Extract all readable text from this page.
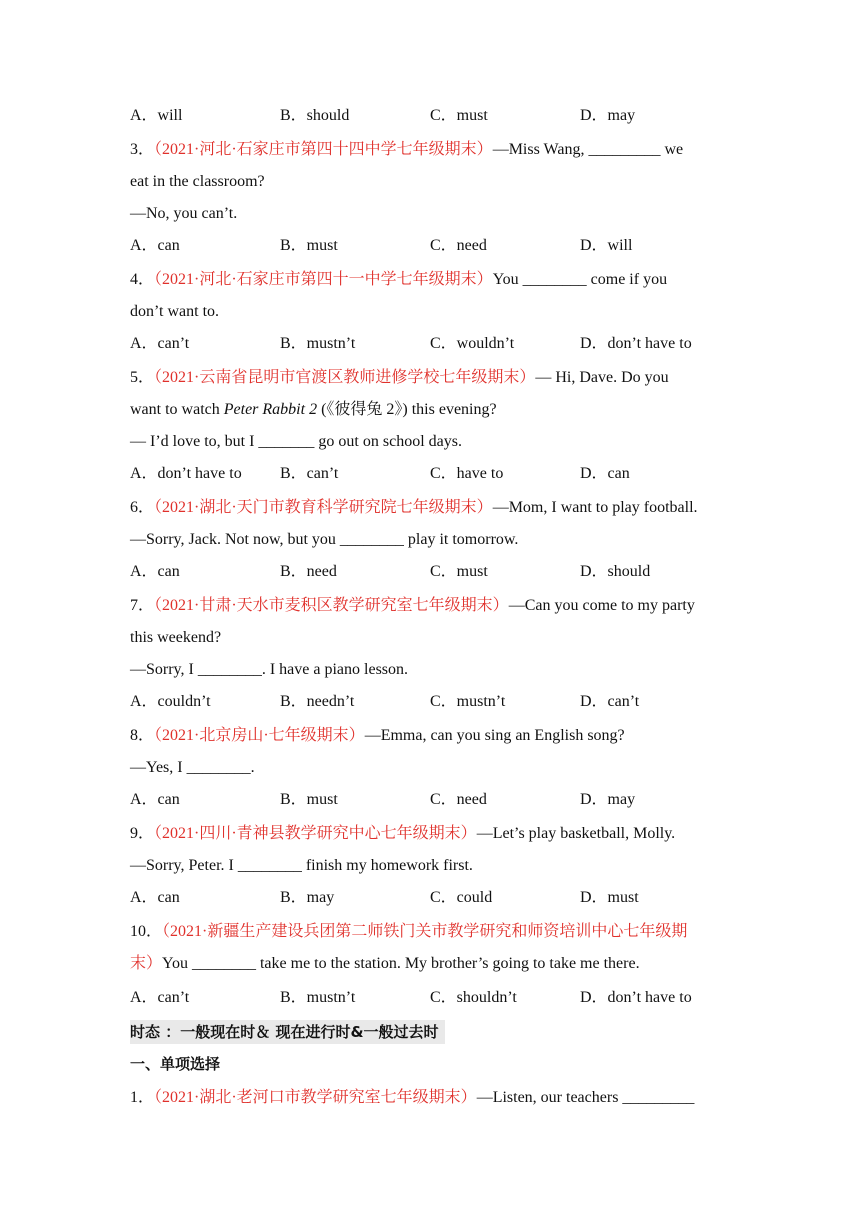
A．will	B．should	C．must	D．may
3．（2021·河北·石家庄市第四十四中学七年级期末）—Miss Wang, _________ we
eat in the classroom?
—No, you can’t.
A．can	B．must	C．need	D．will
4．（2021·河北·石家庄市第四十一中学七年级期末）You ________ come if you
don’t want to.
A．can’t	B．mustn’t	C．wouldn’t	D．don’t have to
5．（2021·云南省昆明市官渡区教师进修学校七年级期末）— Hi, Dave. Do you
want to watch Peter Rabbit 2 (《彼得兔 2》) this evening?
— I’d love to, but I _______ go out on school days.
A．don’t have to	B．can’t	C．have to	D．can
6．（2021·湖北·天门市教育科学研究院七年级期末）—Mom, I want to play football.
—Sorry, Jack. Not now, but you ________ play it tomorrow.
A．can	B．need	C．must	D．should
7．（2021·甘肃·天水市麦积区教学研究室七年级期末）—Can you come to my party
this weekend?
—Sorry, I ________. I have a piano lesson.
A．couldn’t	B．needn’t	C．mustn’t	D．can’t
8．（2021·北京房山·七年级期末）—Emma, can you sing an English song?
—Yes, I ________.
A．can	B．must	C．need	D．may
9．（2021·四川·青神县教学研究中心七年级期末）—Let’s play basketball, Molly.
—Sorry, Peter. I ________ finish my homework first.
A．can	B．may	C．could	D．must
10．（2021·新疆生产建设兵团第二师铁门关市教学研究和师资培训中心七年级期
末）You ________ take me to the station. My brother’s going to take me there.
A．can’t	B．mustn’t	C．shouldn’t	D．don’t have to
时态 ：一般现在时＆ 现在进行时&一般过去时
一、单项选择
1．（2021·湖北·老河口市教学研究室七年级期末）—Listen, our teachers _________
